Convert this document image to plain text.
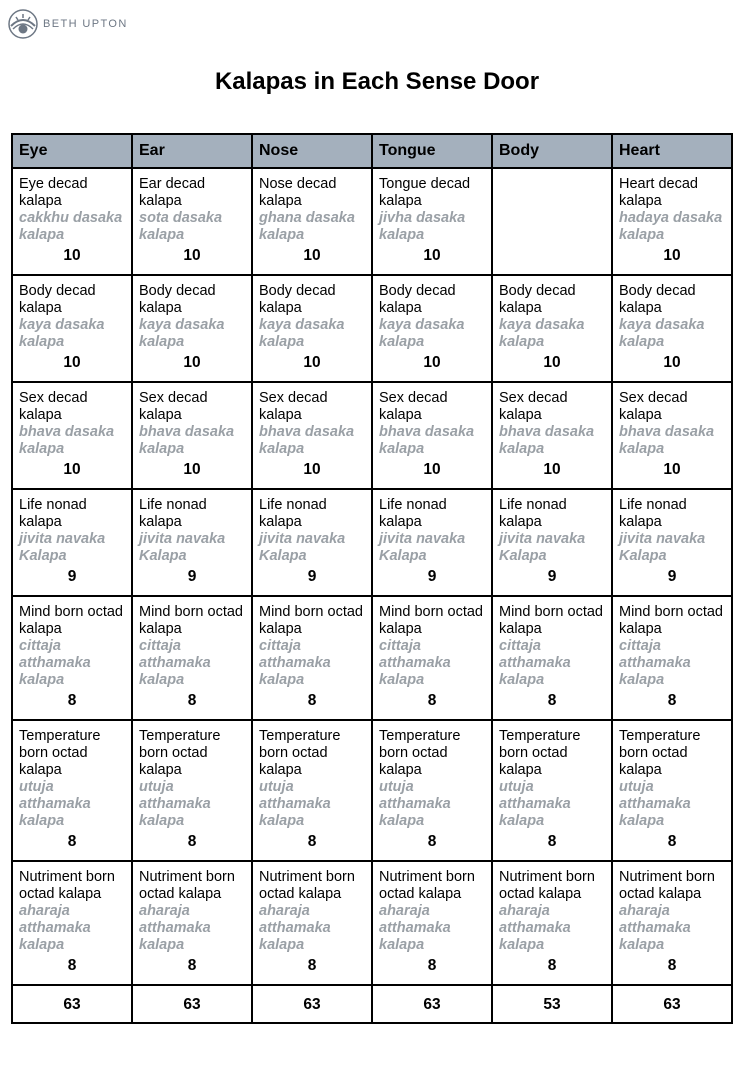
BETH UPTON
Kalapas in Each Sense Door
Eye	Ear	Nose	Tongue	Body	Heart

Eye decad kalapa
cakkhu dasaka kalapa
10	Ear decad kalapa
sota dasaka kalapa
10	Nose decad kalapa
ghana dasaka kalapa
10	Tongue decad kalapa
jivha dasaka kalapa
10		Heart decad kalapa
hadaya dasaka kalapa
10

Body decad kalapa
kaya dasaka kalapa
10	Body decad kalapa
kaya dasaka kalapa
10	Body decad kalapa
kaya dasaka kalapa
10	Body decad kalapa
kaya dasaka kalapa
10	Body decad kalapa
kaya dasaka kalapa
10	Body decad kalapa
kaya dasaka kalapa
10

Sex decad kalapa
bhava dasaka kalapa
10	Sex decad kalapa
bhava dasaka kalapa
10	Sex decad kalapa
bhava dasaka kalapa
10	Sex decad kalapa
bhava dasaka kalapa
10	Sex decad kalapa
bhava dasaka kalapa
10	Sex decad kalapa
bhava dasaka kalapa
10

Life nonad kalapa
jivita navaka Kalapa
9	Life nonad kalapa
jivita navaka Kalapa
9	Life nonad kalapa
jivita navaka Kalapa
9	Life nonad kalapa
jivita navaka Kalapa
9	Life nonad kalapa
jivita navaka Kalapa
9	Life nonad kalapa
jivita navaka Kalapa
9

Mind born octad kalapa
cittaja atthamaka kalapa
8	Mind born octad kalapa
cittaja atthamaka kalapa
8	Mind born octad kalapa
cittaja atthamaka kalapa
8	Mind born octad kalapa
cittaja atthamaka kalapa
8	Mind born octad kalapa
cittaja atthamaka kalapa
8	Mind born octad kalapa
cittaja atthamaka kalapa
8

Temperature born octad kalapa
utuja atthamaka kalapa
8	Temperature born octad kalapa
utuja atthamaka kalapa
8	Temperature born octad kalapa
utuja atthamaka kalapa
8	Temperature born octad kalapa
utuja atthamaka kalapa
8	Temperature born octad kalapa
utuja atthamaka kalapa
8	Temperature born octad kalapa
utuja atthamaka kalapa
8

Nutriment born octad kalapa
aharaja atthamaka kalapa
8	Nutriment born octad kalapa
aharaja atthamaka kalapa
8	Nutriment born octad kalapa
aharaja atthamaka kalapa
8	Nutriment born octad kalapa
aharaja atthamaka kalapa
8	Nutriment born octad kalapa
aharaja atthamaka kalapa
8	Nutriment born octad kalapa
aharaja atthamaka kalapa
8

63	63	63	63	53	63
